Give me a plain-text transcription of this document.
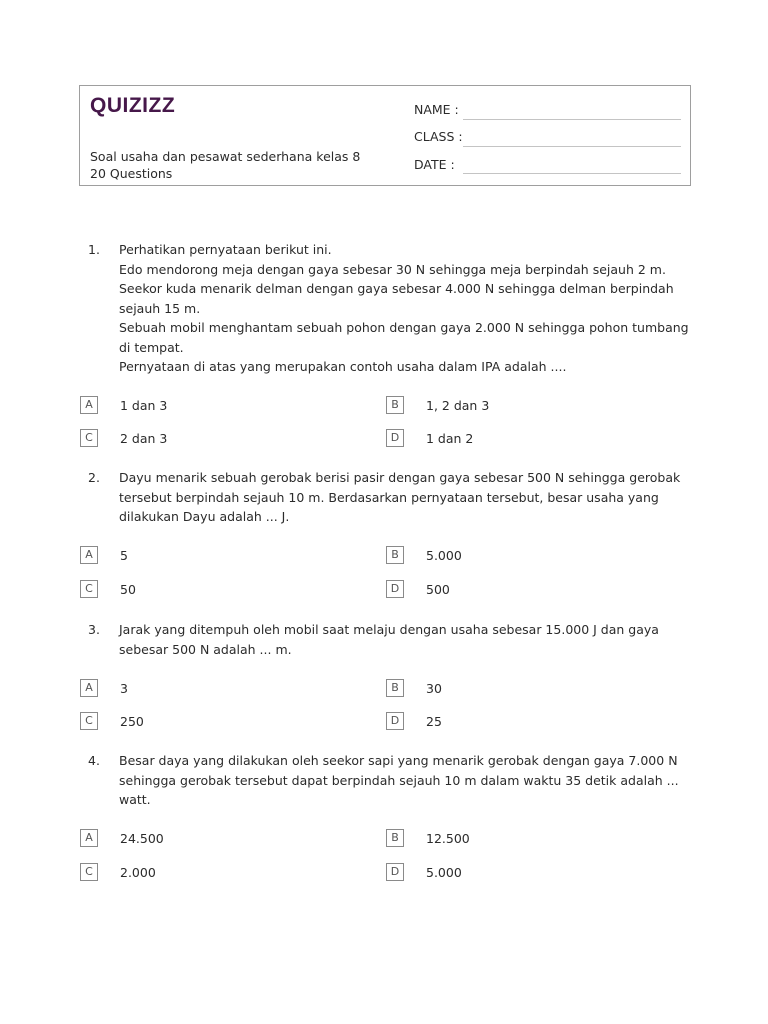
QUIZIZZ
Soal usaha dan pesawat sederhana kelas 8
20 Questions
NAME :
CLASS :
DATE :
1. Perhatikan pernyataan berikut ini.
Edo mendorong meja dengan gaya sebesar 30 N sehingga meja berpindah sejauh 2 m.
Seekor kuda menarik delman dengan gaya sebesar 4.000 N sehingga delman berpindah sejauh 15 m.
Sebuah mobil menghantam sebuah pohon dengan gaya 2.000 N sehingga pohon tumbang di tempat.
Pernyataan di atas yang merupakan contoh usaha dalam IPA adalah ....
A	1 dan 3	B	1, 2 dan 3
C	2 dan 3	D	1 dan 2
2. Dayu menarik sebuah gerobak berisi pasir dengan gaya sebesar 500 N sehingga gerobak tersebut berpindah sejauh 10 m. Berdasarkan pernyataan tersebut, besar usaha yang dilakukan Dayu adalah ... J.
A	5	B	5.000
C	50	D	500
3. Jarak yang ditempuh oleh mobil saat melaju dengan usaha sebesar 15.000 J dan gaya sebesar 500 N adalah ... m.
A	3	B	30
C	250	D	25
4. Besar daya yang dilakukan oleh seekor sapi yang menarik gerobak dengan gaya 7.000 N sehingga gerobak tersebut dapat berpindah sejauh 10 m dalam waktu 35 detik adalah ... watt.
A	24.500	B	12.500
C	2.000	D	5.000
